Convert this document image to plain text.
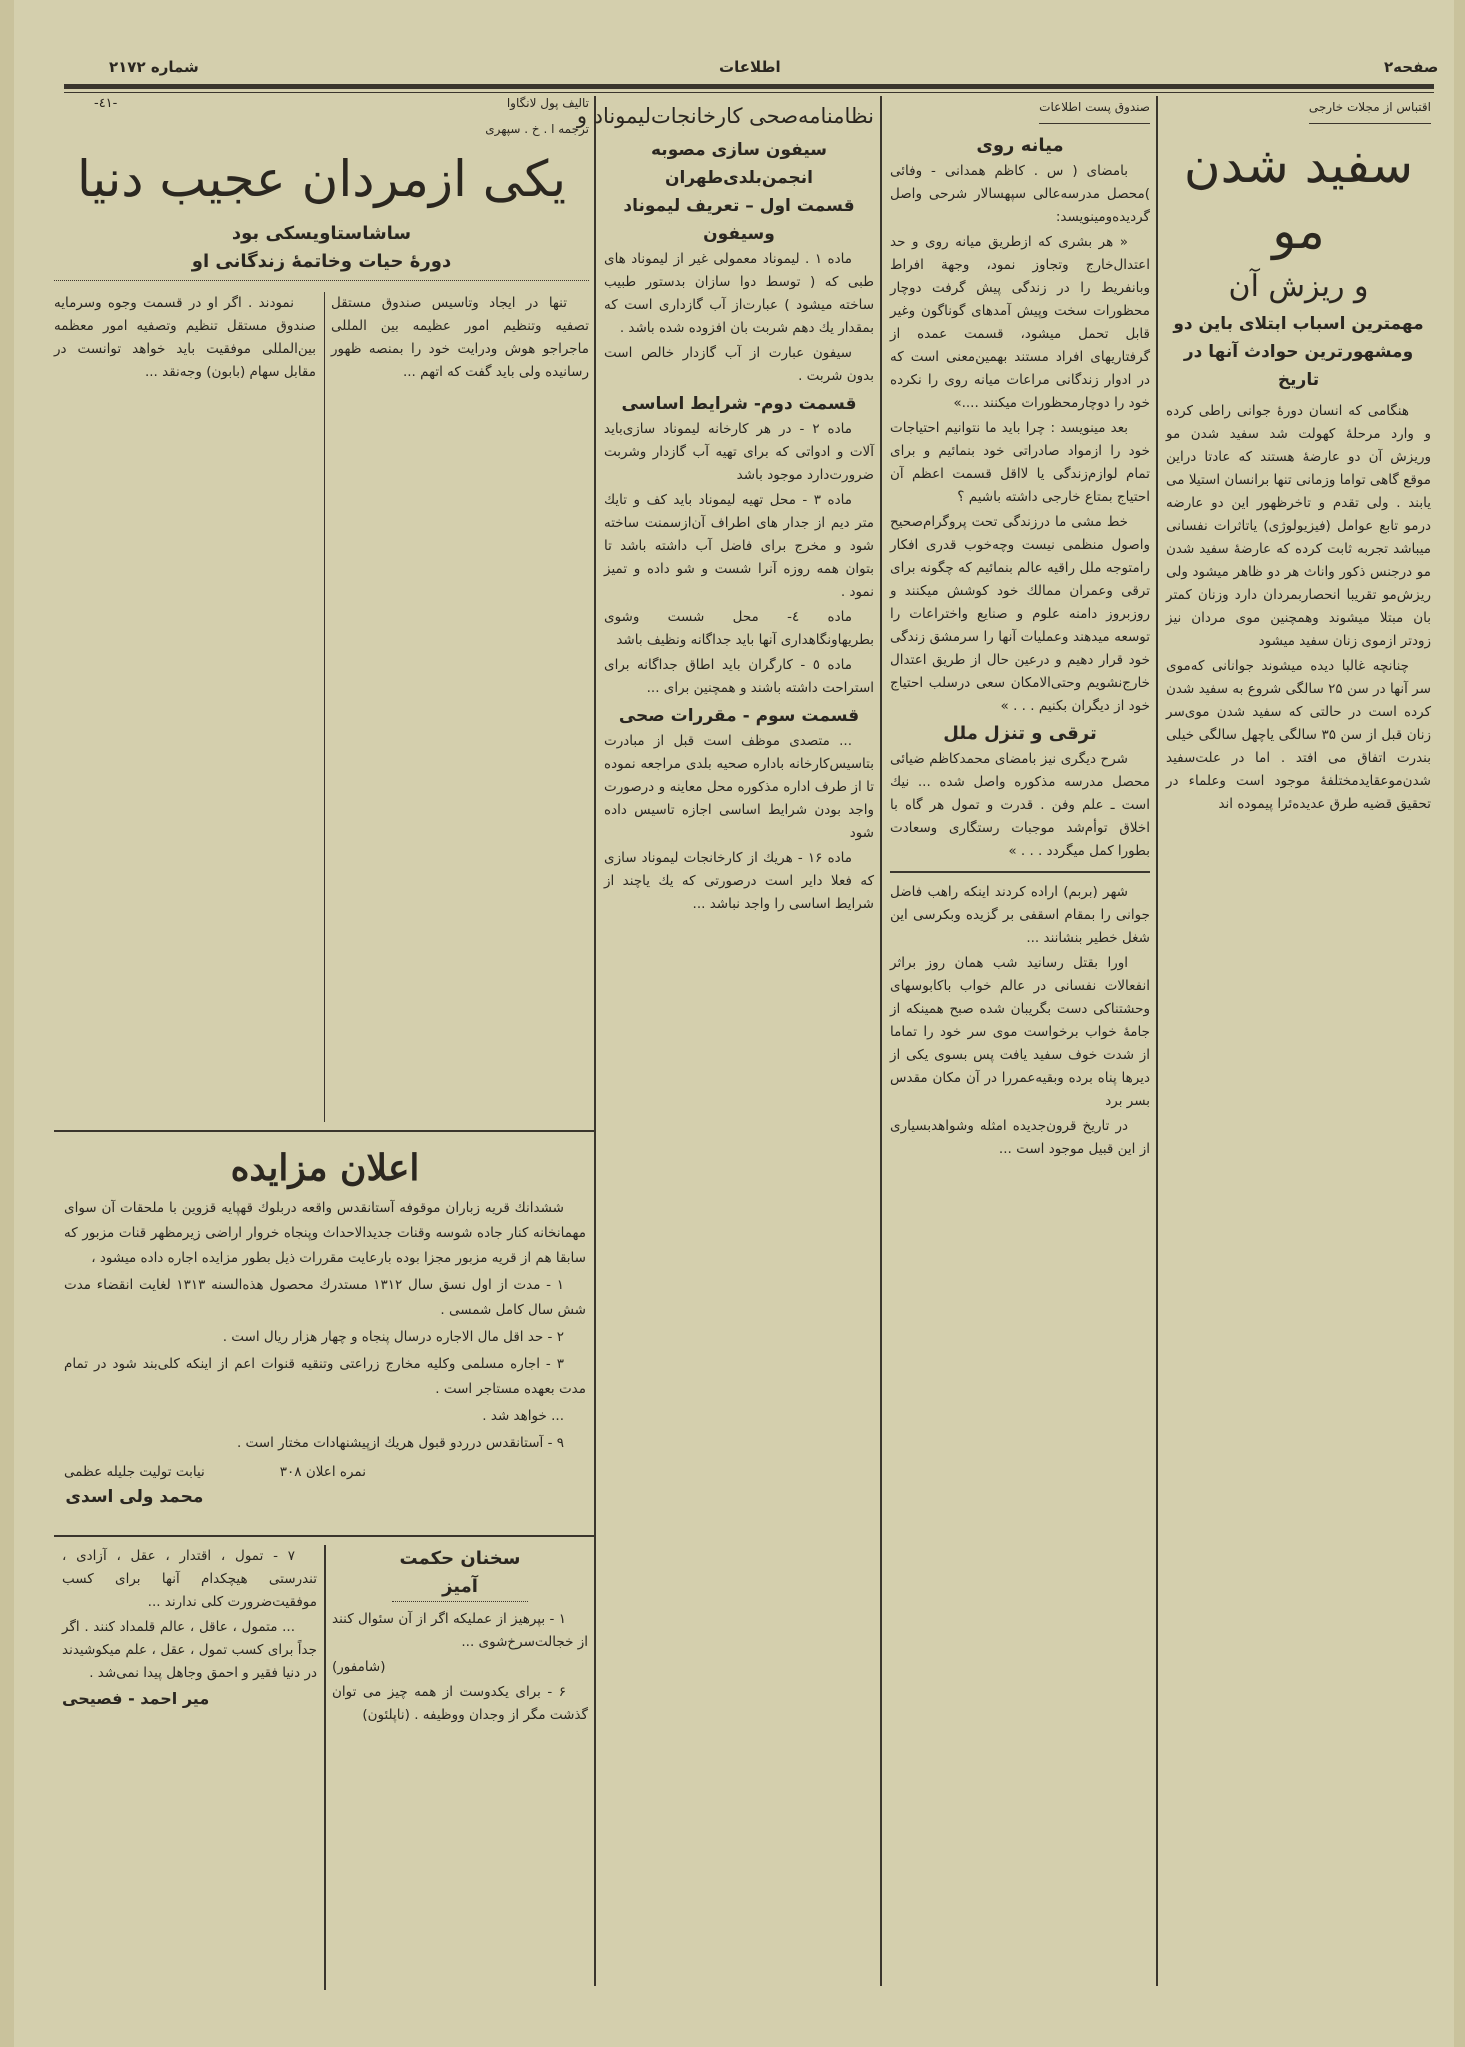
صفحه۲
اطلاعات
شماره ۲۱۷۲
اقتباس از مجلات خارجی
سفید شدن مو
و ریزش آن
مهمترین اسباب ابتلای باین دو
ومشهورترین حوادث آنها در تاریخ

هنگامی که انسان دورهٔ جوانی راطی کرده و وارد مرحلهٔ کهولت شد سفید شدن مو وریزش آن دو عارضهٔ هستند که عادتا دراین موقع گاهی تواما وزمانی تنها برانسان استیلا می یابند . ولی تقدم و تاخرظهور این دو عارضه درمو تابع عوامل (فیزیولوژی) یاتاثرات نفسانی میباشد تجربه ثابت کرده که عارضهٔ سفید شدن مو درجنس ذکور واناث هر دو ظاهر میشود ولی ریزش‌مو تقریبا انحصاربمردان دارد وزنان کمتر بان مبتلا میشوند وهمچنین موی مردان نیز زودتر ازموی زنان سفید میشود

چنانچه غالبا دیده میشوند جوانانی که‌موی سر آنها در سن ۲۵ سالگی شروع به سفید شدن کرده است در حالتی که سفید شدن موی‌سر زنان قبل از سن ۳۵ سالگی یاچهل سالگی خیلی بندرت اتفاق می افتد . اما در علت‌سفید شدن‌موعقایدمختلفهٔ موجود است وعلماء در تحقیق قضیه طرق عدیده‌ئرا پیموده اند

صندوق پست اطلاعات
میانه روی

بامضای ( س . کاظم همدانی - وفائی )محصل مدرسه‌عالی سپهسالار شرحی واصل گردیده‌ومینویسد:

« هر بشری که ازطریق میانه روی و حد اعتدال‌خارج وتجاوز نمود، وجهة افراط وبانفریط را در زندگی پیش گرفت دوچار محظورات سخت وپیش آمدهای گوناگون وغیر قابل تحمل میشود، قسمت عمده از گرفتاریهای افراد مستند بهمین‌معنی است که در ادوار زندگانی مراعات میانه روی را نکرده خود را دوچارمحظورات میکنند ....»

بعد مینویسد : چرا باید ما نتوانیم احتیاجات خود را ازمواد صادراتی خود بنمائیم و برای تمام لوازم‌زندگی یا لااقل قسمت اعظم آن احتیاج بمتاع خارجی داشته باشیم ؟

خط مشی ما درزندگی تحت پروگرام‌صحیح واصول منظمی نیست وچه‌خوب قدری افکار رامتوجه ملل راقیه عالم بنمائیم که چگونه برای ترقی وعمران ممالك خود کوشش میکنند و روزبروز دامنه علوم و صنایع واختراعات را توسعه میدهند وعملیات آنها را سرمشق زندگی خود قرار دهیم و درعین حال از طریق اعتدال خارج‌نشویم وحتی‌الامکان سعی درسلب احتیاج خود از دیگران بکنیم . . . »

ترقی و تنزل ملل

شرح دیگری نیز بامضای محمدکاظم ضیائی محصل مدرسه مذکوره واصل شده ... نیك است ـ علم وفن . قدرت و تمول هر گاه با اخلاق توأم‌شد موجبات رستگاری وسعادت بطورا کمل میگردد . . . »

شهر (بربم) اراده کردند اینکه راهب فاضل جوانی را بمقام اسقفی بر گزیده وبکرسی این شغل خطیر بنشانند ...

اورا بقتل رسانید شب همان روز براثر انفعالات نفسانی در عالم خواب باکابوسهای وحشتناکی دست بگریبان شده صبح همینکه از جامهٔ خواب برخواست موی سر خود را تماما از شدت خوف سفید یافت پس بسوی یکی از دیرها پناه برده وبقیه‌عمررا در آن مکان مقدس بسر برد

در تاریخ قرون‌جدیده امثله وشواهدبسیاری از این قبیل موجود است ...

نظامنامه‌صحی کارخانجات‌لیموناد و
سیفون سازی مصوبه انجمن‌بلدی‌طهران
قسمت اول – تعریف لیموناد وسیفون

ماده ۱ . لیموناد معمولی غیر از لیموناد های طبی که ( توسط دوا سازان بدستور طبیب ساخته میشود ) عبارت‌از آب گازداری است که بمقدار یك دهم شربت بان افزوده شده باشد .

سیفون عبارت از آب گازدار خالص است بدون شربت .

قسمت دوم- شرایط اساسی

ماده ۲ - در هر کارخانه لیموناد سازی‌باید آلات و ادواتی که برای تهیه آب گازدار وشربت ضرورت‌دارد موجود باشد

ماده ۳ - محل تهیه لیموناد باید کف و تایك متر دیم از جدار های اطراف آن‌ازسمنت ساخته شود و مخرج برای فاضل آب داشته باشد تا بتوان همه روزه آنرا شست و شو داده و تمیز نمود .

ماده ٤- محل شست وشوی بطریهاونگاهداری آنها باید جداگانه ونظیف باشد

ماده ٥ - کارگران باید اطاق جداگانه برای استراحت داشته باشند و همچنین برای ...

قسمت سوم - مقررات صحی

... متصدی موظف است قبل از مبادرت بتاسیس‌کارخانه باداره صحیه بلدی مراجعه نموده تا از طرف اداره مذکوره محل معاینه و درصورت واجد بودن شرایط اساسی اجازه تاسیس داده شود

ماده ۱۶ - هریك از کارخانجات لیموناد سازی که فعلا دایر است درصورتی که یك یاچند از شرایط اساسی را واجد نباشد ...

تالیف پول لانگاوا
ترجمه ا . خ . سپهری
-٤۱-
یکی ازمردان عجیب دنیا
ساشاستاویسکی بود
دورهٔ حیات وخاتمهٔ زندگانی او

تنها در ایجاد وتاسیس صندوق مستقل تصفیه وتنظیم امور عظیمه بین المللی ماجراجو هوش ودرایت خود را بمنصه ظهور رسانیده ولی باید گفت که اتهم ...

نمودند . اگر او در قسمت وجوه وسرمایه صندوق مستقل تنظیم وتصفیه امور معظمه بین‌المللی موفقیت باید خواهد توانست در مقابل سهام (بابون) وجه‌نقد ...

اعلان مزایده

ششدانك قریه زباران موقوفه آستانقدس واقعه دربلوك قهپایه قزوین با ملحقات آن سوای مهمانخانه کنار جاده شوسه وقنات جدیدالاحداث وپنجاه خروار اراضی زیرمظهر قنات مزبور که سابقا هم از قریه مزبور مجزا بوده بارعایت مقررات ذیل بطور مزایده اجاره داده میشود ،

۱ - مدت از اول نسق سال ۱۳۱۲ مستدرك محصول هذه‌السنه ۱۳۱۳ لغایت انقضاء مدت شش سال کامل شمسی .

۲ - حد اقل مال الاجاره درسال پنجاه و چهار هزار ریال است .

۳ - اجاره مسلمی وکلیه مخارج زراعتی وتنقیه قنوات اعم از اینکه کلی‌بند شود در تمام مدت بعهده مستاجر است .

... خواهد شد .

۹ - آستانقدس درردو قبول هریك ازپیشنهادات مختار است .

نمره اعلان ۳۰۸
نیابت تولیت جلیله عظمی
محمد ولی اسدی
سخنان حکمت آمیز

۱ - بپرهیز از عملیکه اگر از آن سئوال کنند از خجالت‌سرخ‌شوی ...

(شامفور)

۶ - برای یکدوست از همه چیز می توان گذشت مگر از وجدان ووظیفه . (ناپلئون)

۷ - تمول ، اقتدار ، عقل ، آزادی ، تندرستی هیچکدام آنها برای کسب موفقیت‌ضرورت کلی ندارند ...

... متمول ، عاقل ، عالم قلمداد کنند . اگر جداً برای کسب تمول ، عقل ، علم میکوشیدند در دنیا فقیر و احمق وجاهل پیدا نمی‌شد .

میر احمد - فصیحی
